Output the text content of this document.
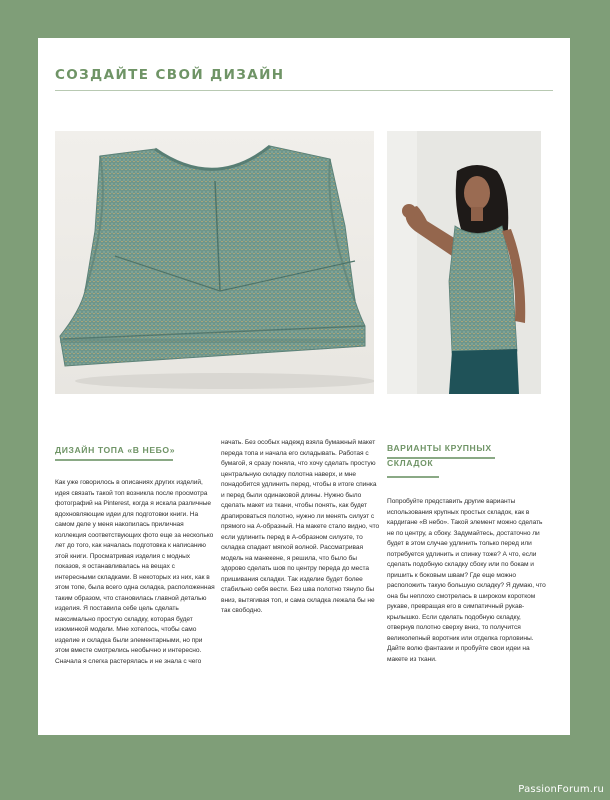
СОЗДАЙТЕ СВОЙ ДИЗАЙН
ДИЗАЙН ТОПА «В НЕБО»

Как уже говорилось в описаниях других изделий, идея связать такой топ возникла после просмотра фотографий на Pinterest, когда я искала различные вдохновляющие идеи для подготовки книги. На самом деле у меня накопилась приличная коллекция соответствующих фото еще за несколько лет до того, как началась подготовка к написанию этой книги. Просматривая изделия с модных показов, я останавливалась на вещах с интересными складками. В некоторых из них, как в этом топе, была всего одна складка, расположенная таким образом, что становилась главной деталью изделия. Я поставила себе цель сделать максимально простую складку, которая будет изюминкой модели. Мне хотелось, чтобы само изделие и складка были элементарными, но при этом вместе смотрелись необычно и интересно. Сначала я слегка растерялась и не знала с чего

начать. Без особых надежд взяла бумажный макет переда топа и начала его складывать. Работая с бумагой, я сразу поняла, что хочу сделать простую центральную складку полотна наверх, и мне понадобится удлинить перед, чтобы в итоге спинка и перед были одинаковой длины. Нужно было сделать макет из ткани, чтобы понять, как будет драпироваться полотно, нужно ли менять силуэт с прямого на А-образный. На макете стало видно, что если удлинить перед в А-образном силуэте, то складка спадает мягкой волной. Рассматривая модель на манекене, я решила, что было бы здорово сделать шов по центру переда до места пришивания складки. Так изделие будет более стабильно себя вести. Без шва полотно тянуло бы вниз, вытягивая топ, и сама складка лежала бы не так свободно.

ВАРИАНТЫ КРУПНЫХ
СКЛАДОК

Попробуйте представить другие варианты использования крупных простых складок, как в кардигане «В небо». Такой элемент можно сделать не по центру, а сбоку. Задумайтесь, достаточно ли будет в этом случае удлинить только перед или потребуется удлинить и спинку тоже? А что, если сделать подобную складку сбоку или по бокам и пришить к боковым швам? Где еще можно расположить такую большую складку? Я думаю, что она бы неплохо смотрелась в широком коротком рукаве, превращая его в симпатичный рукав-крылышко. Если сделать подобную складку, отвернув полотно сверху вниз, то получится великолепный воротник или отделка горловины. Дайте волю фантазии и пробуйте свои идеи на макете из ткани.

PassionForum.ru
